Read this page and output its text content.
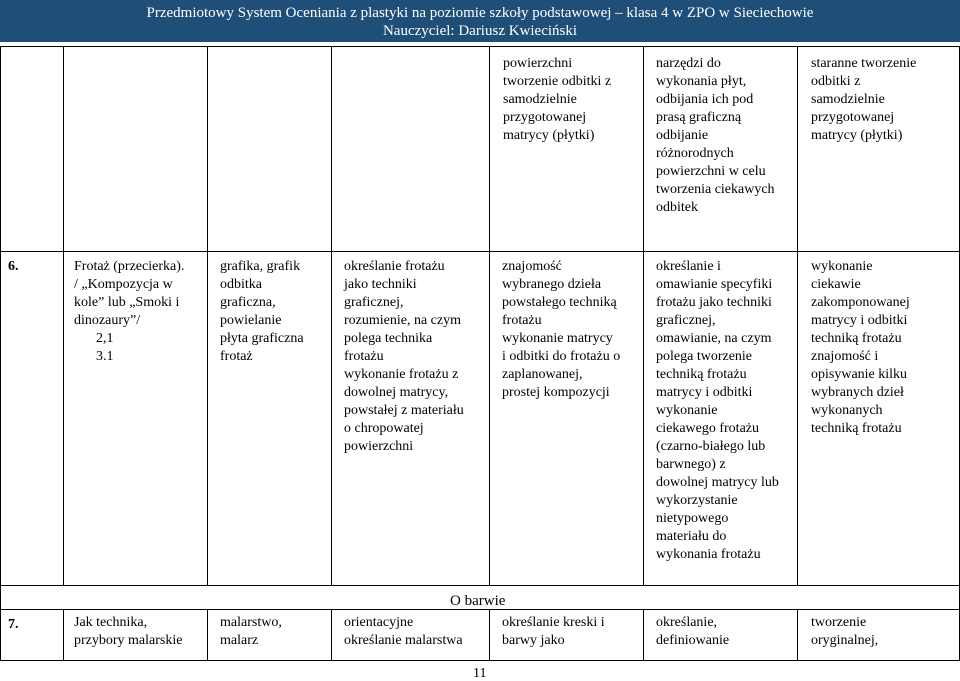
Przedmiotowy System Oceniania z plastyki na poziomie szkoły podstawowej – klasa 4 w ZPO w Sieciechowie
Nauczyciel: Dariusz Kwieciński
powierzchni
tworzenie odbitki z
samodzielnie
przygotowanej
matrycy (płytki)
narzędzi do
wykonania płyt,
odbijania ich pod
prasą graficzną
odbijanie
różnorodnych
powierzchni w celu
tworzenia ciekawych
odbitek
staranne tworzenie
odbitki z
samodzielnie
przygotowanej
matrycy (płytki)
6.	Frotaż (przecierka).
/ „Kompozycja w
kole” lub „Smoki i
dinozaury”/
2,1
3.1
grafika, grafik
odbitka
graficzna,
powielanie
płyta graficzna
frotaż
określanie frotażu
jako techniki
graficznej,
rozumienie, na czym
polega technika
frotażu
wykonanie frotażu z
dowolnej matrycy,
powstałej z materiału
o chropowatej
powierzchni
znajomość
wybranego dzieła
powstałego techniką
frotażu
wykonanie matrycy
i odbitki do frotażu o
zaplanowanej,
prostej kompozycji
określanie i
omawianie specyfiki
frotażu jako techniki
graficznej,
omawianie, na czym
polega tworzenie
techniką frotażu
matrycy i odbitki
wykonanie
ciekawego frotażu
(czarno-białego lub
barwnego) z
dowolnej matrycy lub
wykorzystanie
nietypowego
materiału do
wykonania frotażu
wykonanie
ciekawie
zakomponowanej
matrycy i odbitki
techniką frotażu
znajomość i
opisywanie kilku
wybranych dzieł
wykonanych
techniką frotażu
O barwie
7.	Jak technika,
przybory malarskie
malarstwo,
malarz
orientacyjne
określanie malarstwa
określanie kreski i
barwy jako
określanie,
definiowanie
tworzenie
oryginalnej,
11
